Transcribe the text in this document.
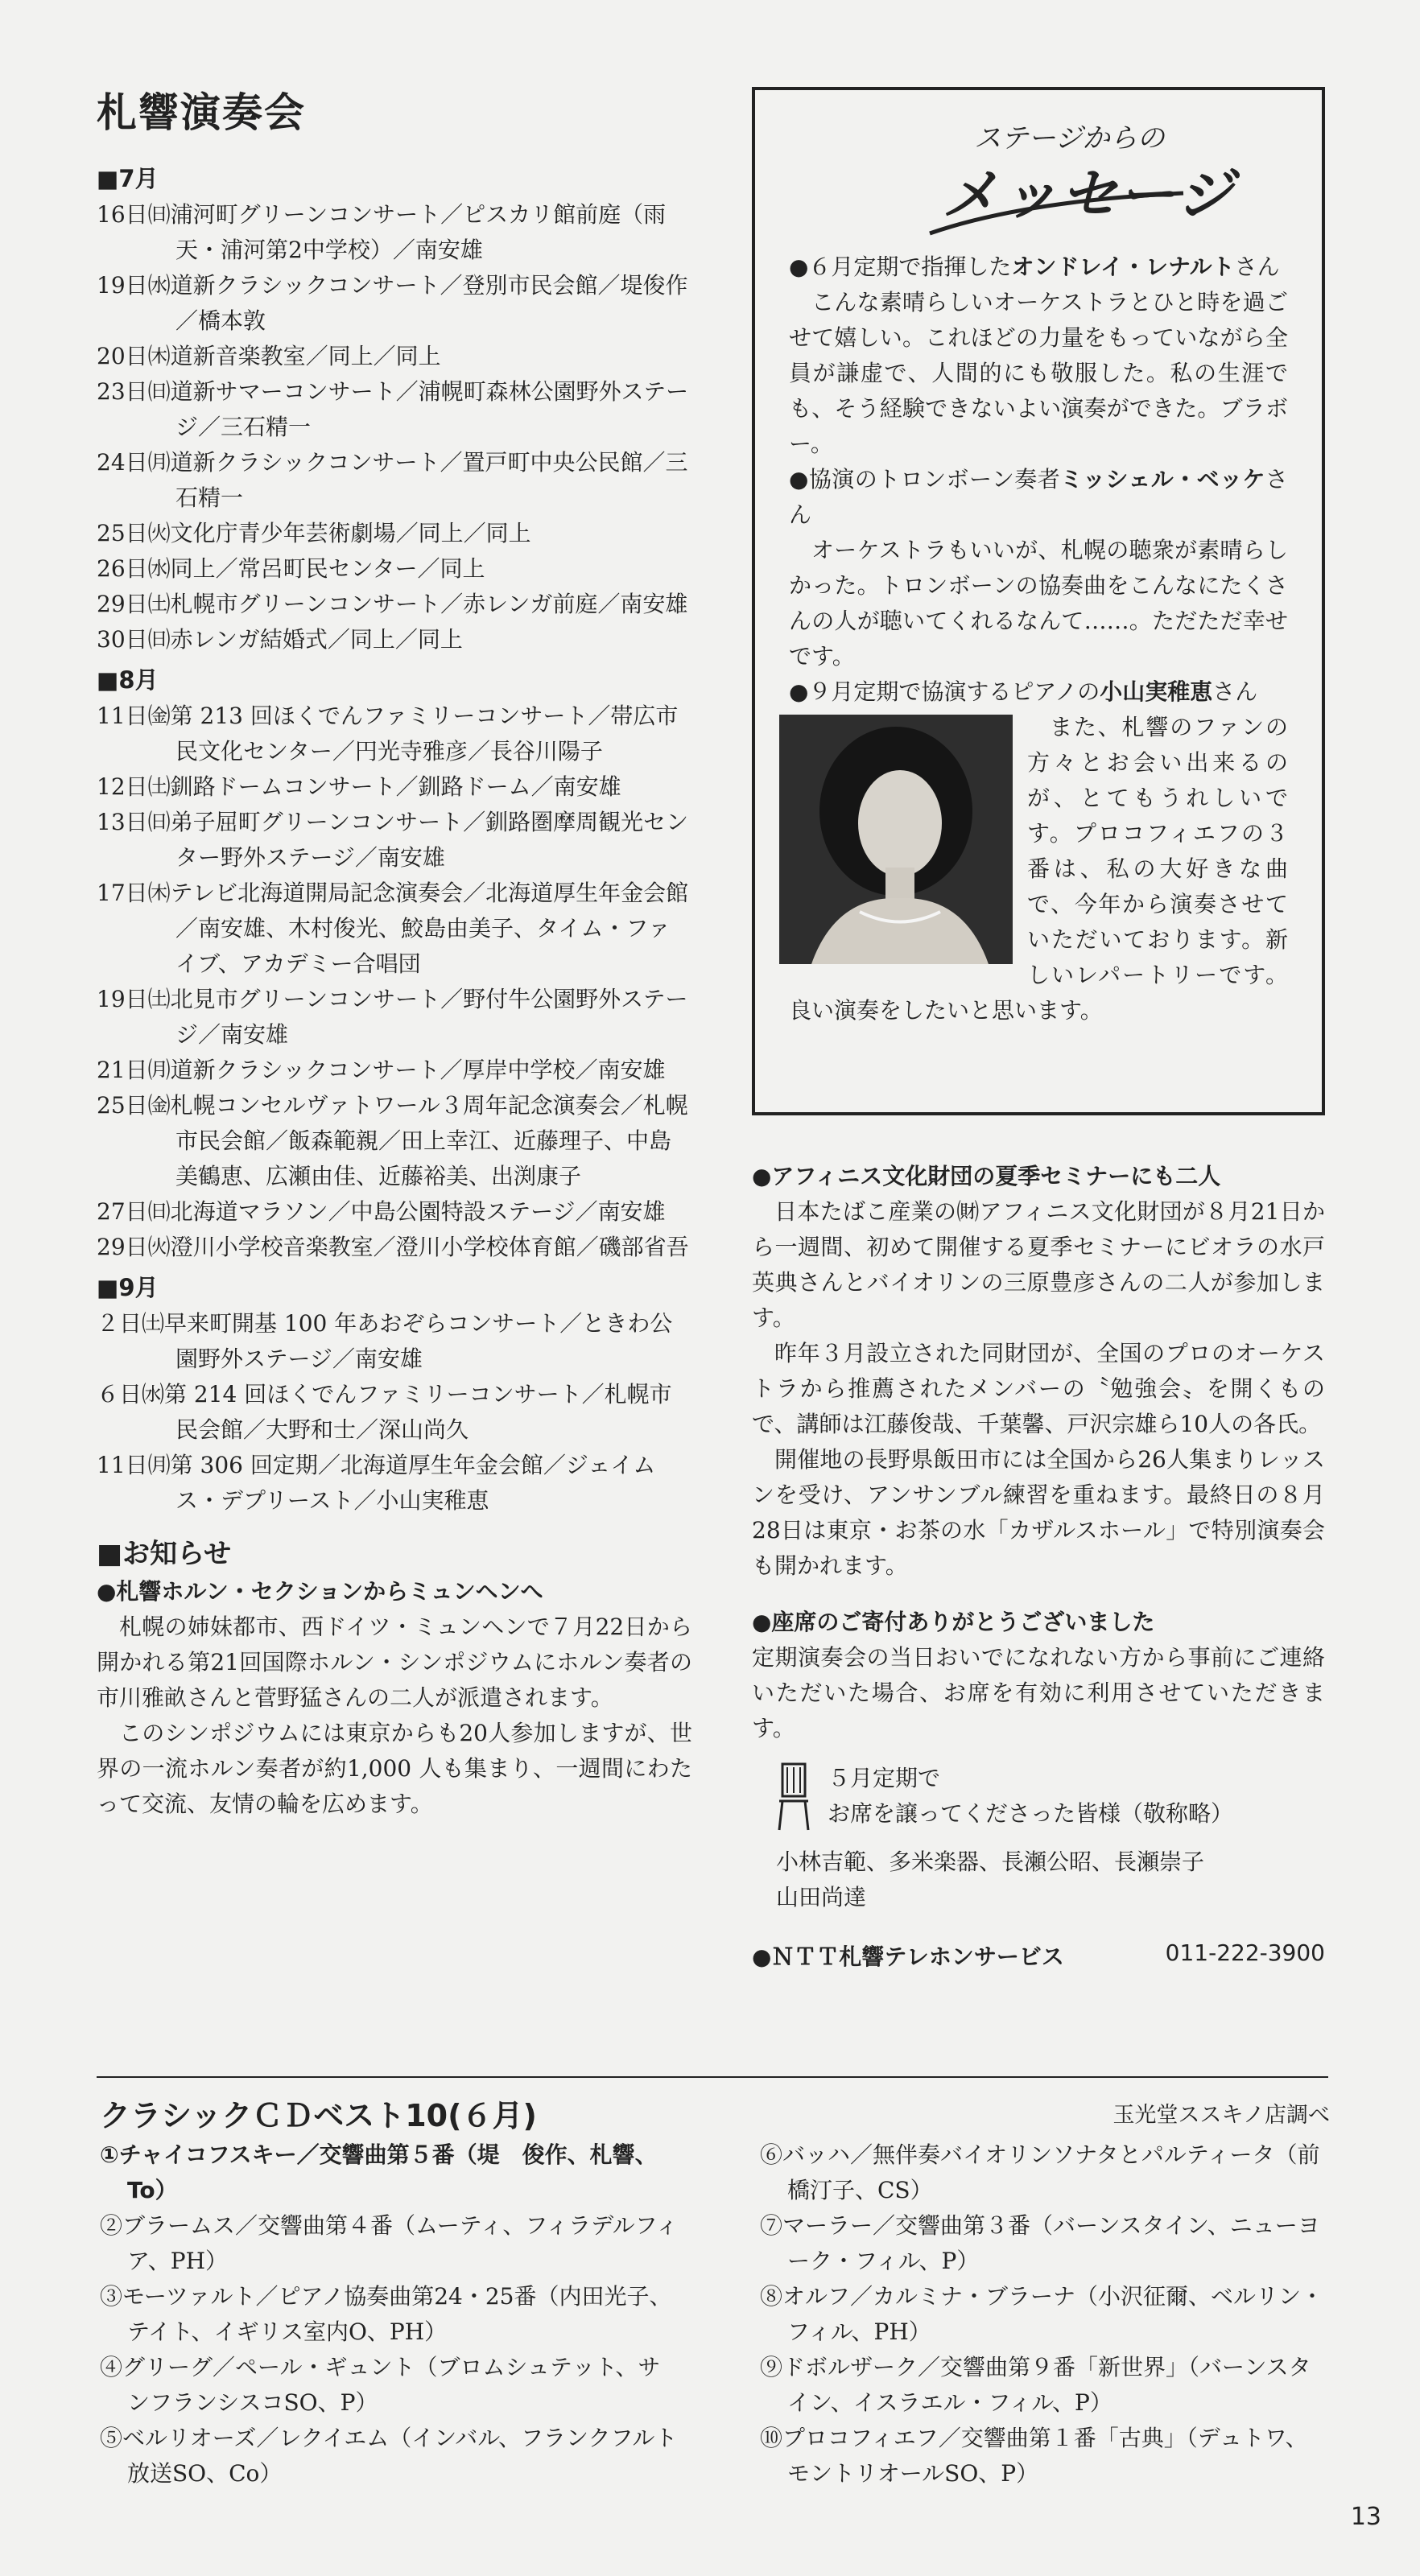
札響演奏会
■7月

16日㈰浦河町グリーンコンサート／ピスカリ館前庭（雨天・浦河第2中学校）／南安雄

19日㈬道新クラシックコンサート／登別市民会館／堤俊作／橋本敦

20日㈭道新音楽教室／同上／同上

23日㈰道新サマーコンサート／浦幌町森林公園野外ステージ／三石精一

24日㈪道新クラシックコンサート／置戸町中央公民館／三石精一

25日㈫文化庁青少年芸術劇場／同上／同上

26日㈬同上／常呂町民センター／同上

29日㈯札幌市グリーンコンサート／赤レンガ前庭／南安雄

30日㈰赤レンガ結婚式／同上／同上

■8月

11日㈮第 213 回ほくでんファミリーコンサート／帯広市民文化センター／円光寺雅彦／長谷川陽子

12日㈯釧路ドームコンサート／釧路ドーム／南安雄

13日㈰弟子屈町グリーンコンサート／釧路圏摩周観光センター野外ステージ／南安雄

17日㈭テレビ北海道開局記念演奏会／北海道厚生年金会館／南安雄、木村俊光、鮫島由美子、タイム・ファイブ、アカデミー合唱団

19日㈯北見市グリーンコンサート／野付牛公園野外ステージ／南安雄

21日㈪道新クラシックコンサート／厚岸中学校／南安雄

25日㈮札幌コンセルヴァトワール３周年記念演奏会／札幌市民会館／飯森範親／田上幸江、近藤理子、中島美鶴恵、広瀬由佳、近藤裕美、出渕康子

27日㈰北海道マラソン／中島公園特設ステージ／南安雄

29日㈫澄川小学校音楽教室／澄川小学校体育館／磯部省吾

■9月

２日㈯早来町開基 100 年あおぞらコンサート／ときわ公園野外ステージ／南安雄

６日㈬第 214 回ほくでんファミリーコンサート／札幌市民会館／大野和士／深山尚久

11日㈪第 306 回定期／北海道厚生年金会館／ジェイムス・デプリースト／小山実稚恵

■お知らせ

●札響ホルン・セクションからミュンヘンへ

札幌の姉妹都市、西ドイツ・ミュンヘンで７月22日から開かれる第21回国際ホルン・シンポジウムにホルン奏者の市川雅畝さんと菅野猛さんの二人が派遣されます。

このシンポジウムには東京からも20人参加しますが、世界の一流ホルン奏者が約1,000 人も集まり、一週間にわたって交流、友情の輪を広めます。

ステージからの
メッセージ

●６月定期で指揮したオンドレイ・レナルトさん

こんな素晴らしいオーケストラとひと時を過ごせて嬉しい。これほどの力量をもっていながら全員が謙虚で、人間的にも敬服した。私の生涯でも、そう経験できないよい演奏ができた。ブラボー。

●協演のトロンボーン奏者ミッシェル・ベッケさん

オーケストラもいいが、札幌の聴衆が素晴らしかった。トロンボーンの協奏曲をこんなにたくさんの人が聴いてくれるなんて……。ただただ幸せです。

●９月定期で協演するピアノの小山実稚恵さん

また、札響のファンの方々とお会い出来るのが、とてもうれしいです。プロコフィエフの３番は、私の大好きな曲で、今年から演奏させていただいております。新しいレパートリーです。良い演奏をしたいと思います。

●アフィニス文化財団の夏季セミナーにも二人

日本たばこ産業の㈶アフィニス文化財団が８月21日から一週間、初めて開催する夏季セミナーにビオラの水戸英典さんとバイオリンの三原豊彦さんの二人が参加します。

昨年３月設立された同財団が、全国のプロのオーケストラから推薦されたメンバーの〝勉強会〟を開くもので、講師は江藤俊哉、千葉馨、戸沢宗雄ら10人の各氏。

開催地の長野県飯田市には全国から26人集まりレッスンを受け、アンサンブル練習を重ねます。最終日の８月28日は東京・お茶の水「カザルスホール」で特別演奏会も開かれます。

●座席のご寄付ありがとうございました

定期演奏会の当日おいでになれない方から事前にご連絡いただいた場合、お席を有効に利用させていただきます。

５月定期で
お席を譲ってくださった皆様（敬称略）
小林吉範、多米楽器、長瀬公昭、長瀬崇子
山田尚達
●ＮＴＴ札響テレホンサービス	011-222-3900
クラシックＣＤベスト10(６月)	玉光堂ススキノ店調べ

①チャイコフスキー／交響曲第５番（堤　俊作、札響、To）

②ブラームス／交響曲第４番（ムーティ、フィラデルフィア、PH）

③モーツァルト／ピアノ協奏曲第24・25番（内田光子、テイト、イギリス室内O、PH）

④グリーグ／ペール・ギュント（ブロムシュテット、サンフランシスコSO、P）

⑤ベルリオーズ／レクイエム（インバル、フランクフルト放送SO、Co）

⑥バッハ／無伴奏バイオリンソナタとパルティータ（前橋汀子、CS）

⑦マーラー／交響曲第３番（バーンスタイン、ニューヨーク・フィル、P）

⑧オルフ／カルミナ・ブラーナ（小沢征爾、ベルリン・フィル、PH）

⑨ドボルザーク／交響曲第９番「新世界」（バーンスタイン、イスラエル・フィル、P）

⑩プロコフィエフ／交響曲第１番「古典」（デュトワ、モントリオールSO、P）

13
